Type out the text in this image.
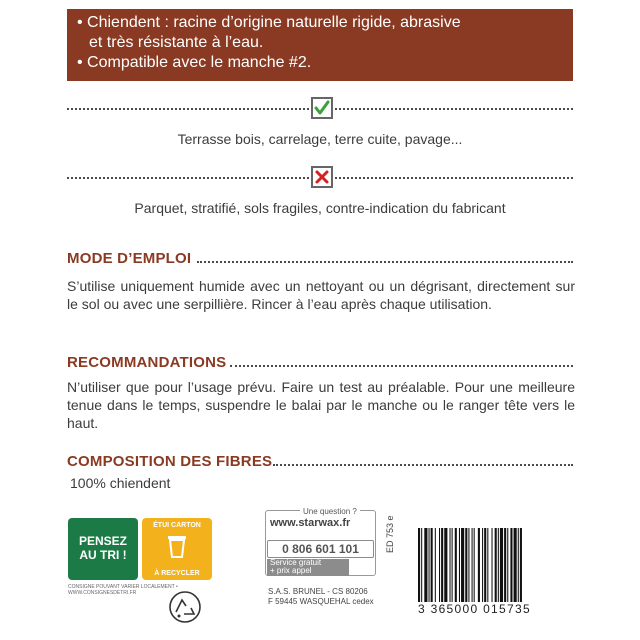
• Chiendent : racine d’origine naturelle rigide, abrasive

et très résistante à l’eau.

• Compatible avec le manche #2.

Terrasse bois, carrelage, terre cuite, pavage...
Parquet, stratifié, sols fragiles, contre-indication du fabricant
MODE D’EMPLOI
S’utilise uniquement humide avec un nettoyant ou un dégrisant, directement sur le sol ou avec une serpillière. Rincer à l’eau après chaque utilisation.
RECOMMANDATIONS
N’utiliser que pour l’usage prévu. Faire un test au préalable. Pour une meilleure tenue dans le temps, suspendre le balai par le manche ou le ranger tête vers le haut.
COMPOSITION DES FIBRES
100% chiendent
PENSEZ
AU TRI !
ÉTUI CARTON
À RECYCLER
CONSIGNE POUVANT VARIER LOCALEMENT • WWW.CONSIGNESDETRI.FR
Une question ?
www.starwax.fr
0 806 601 101
Service gratuit
+ prix appel
S.A.S. BRUNEL - CS 80206
F 59445 WASQUEHAL cedex
ED 753 e
3 365000 015735
